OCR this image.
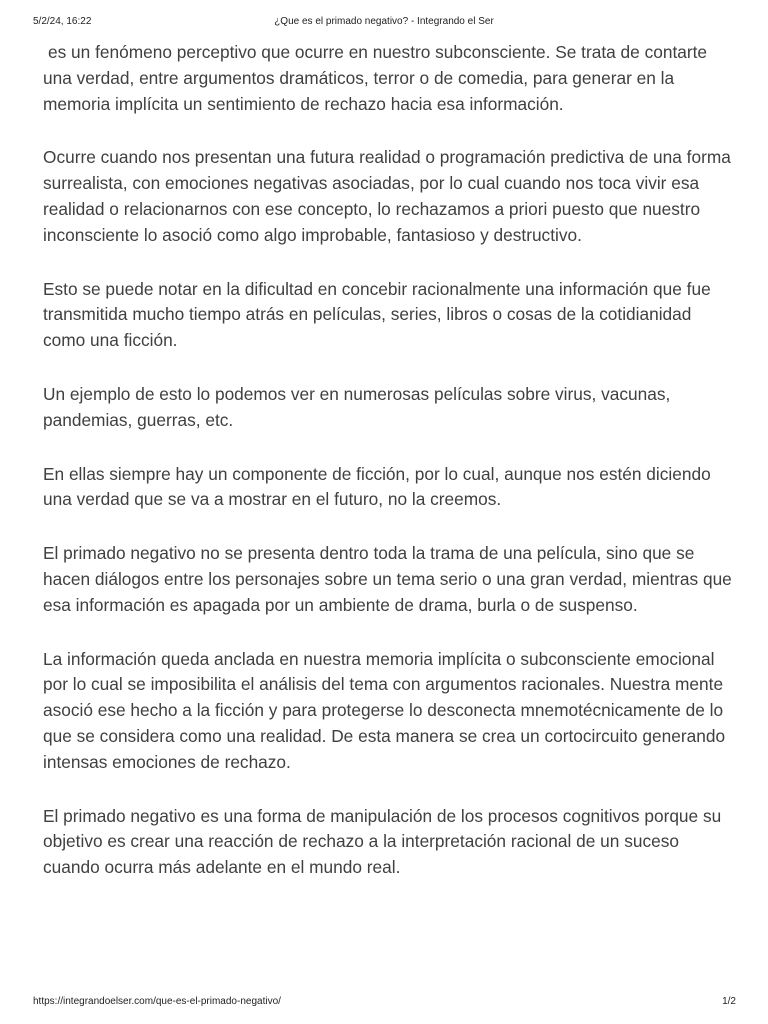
5/2/24, 16:22	¿Que es el primado negativo? - Integrando el Ser

es un fenómeno perceptivo que ocurre en nuestro subconsciente. Se trata de contarte una verdad, entre argumentos dramáticos, terror o de comedia, para generar en la memoria implícita un sentimiento de rechazo hacia esa información.

Ocurre cuando nos presentan una futura realidad o programación predictiva de una forma surrealista, con emociones negativas asociadas, por lo cual cuando nos toca vivir esa realidad o relacionarnos con ese concepto, lo rechazamos a priori puesto que nuestro inconsciente lo asoció como algo improbable, fantasioso y destructivo.

Esto se puede notar en la dificultad en concebir racionalmente una información que fue transmitida mucho tiempo atrás en películas, series, libros o cosas de la cotidianidad como una ficción.

Un ejemplo de esto lo podemos ver en numerosas películas sobre virus, vacunas, pandemias, guerras, etc.

En ellas siempre hay un componente de ficción, por lo cual, aunque nos estén diciendo una verdad que se va a mostrar en el futuro, no la creemos.

El primado negativo no se presenta dentro toda la trama de una película, sino que se hacen diálogos entre los personajes sobre un tema serio o una gran verdad, mientras que esa información es apagada por un ambiente de drama, burla o de suspenso.

La información queda anclada en nuestra memoria implícita o subconsciente emocional por lo cual se imposibilita el análisis del tema con argumentos racionales. Nuestra mente asoció ese hecho a la ficción y para protegerse lo desconecta mnemotécnicamente de lo que se considera como una realidad. De esta manera se crea un cortocircuito generando intensas emociones de rechazo.

El primado negativo es una forma de manipulación de los procesos cognitivos porque su objetivo es crear una reacción de rechazo a la interpretación racional de un suceso cuando ocurra más adelante en el mundo real.

https://integrandoelser.com/que-es-el-primado-negativo/	1/2
